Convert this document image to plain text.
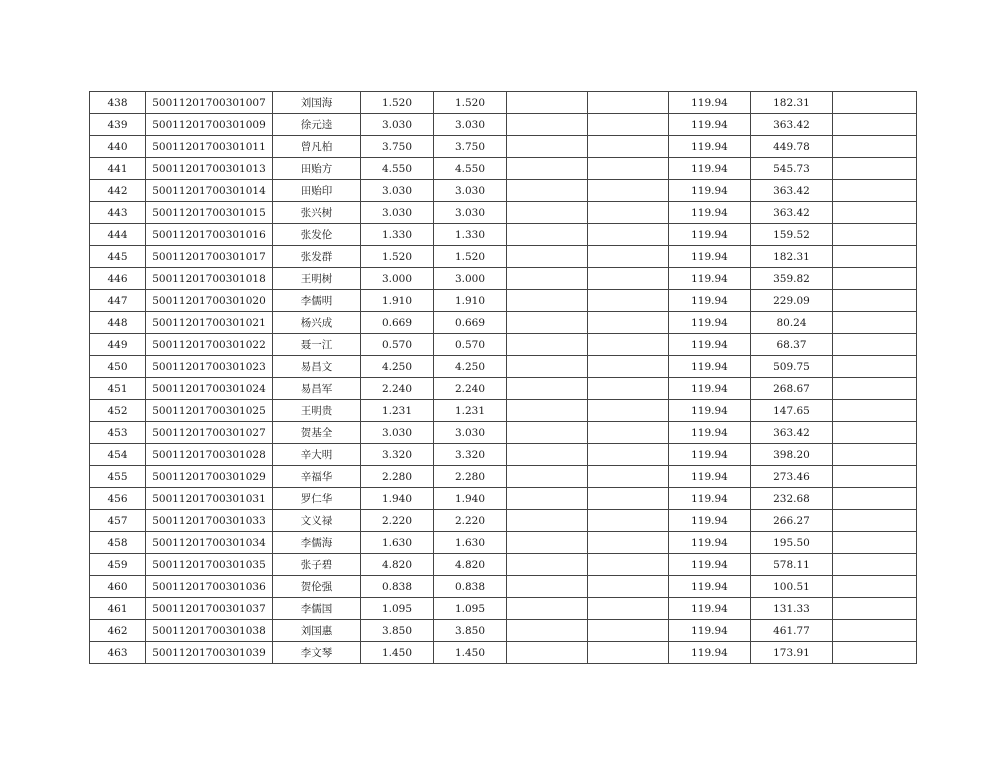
438	50011201700301007	刘国海	1.520	1.520			119.94	182.31	
439	50011201700301009	徐元逵	3.030	3.030			119.94	363.42	
440	50011201700301011	曾凡柏	3.750	3.750			119.94	449.78	
441	50011201700301013	田贻方	4.550	4.550			119.94	545.73	
442	50011201700301014	田贻印	3.030	3.030			119.94	363.42	
443	50011201700301015	张兴树	3.030	3.030			119.94	363.42	
444	50011201700301016	张发伦	1.330	1.330			119.94	159.52	
445	50011201700301017	张发群	1.520	1.520			119.94	182.31	
446	50011201700301018	王明树	3.000	3.000			119.94	359.82	
447	50011201700301020	李儒明	1.910	1.910			119.94	229.09	
448	50011201700301021	杨兴成	0.669	0.669			119.94	80.24	
449	50011201700301022	聂一江	0.570	0.570			119.94	68.37	
450	50011201700301023	易昌文	4.250	4.250			119.94	509.75	
451	50011201700301024	易昌军	2.240	2.240			119.94	268.67	
452	50011201700301025	王明贵	1.231	1.231			119.94	147.65	
453	50011201700301027	贺基全	3.030	3.030			119.94	363.42	
454	50011201700301028	辛大明	3.320	3.320			119.94	398.20	
455	50011201700301029	辛福华	2.280	2.280			119.94	273.46	
456	50011201700301031	罗仁华	1.940	1.940			119.94	232.68	
457	50011201700301033	文义禄	2.220	2.220			119.94	266.27	
458	50011201700301034	李儒海	1.630	1.630			119.94	195.50	
459	50011201700301035	张子碧	4.820	4.820			119.94	578.11	
460	50011201700301036	贺伦强	0.838	0.838			119.94	100.51	
461	50011201700301037	李儒国	1.095	1.095			119.94	131.33	
462	50011201700301038	刘国惠	3.850	3.850			119.94	461.77	
463	50011201700301039	李文琴	1.450	1.450			119.94	173.91	
